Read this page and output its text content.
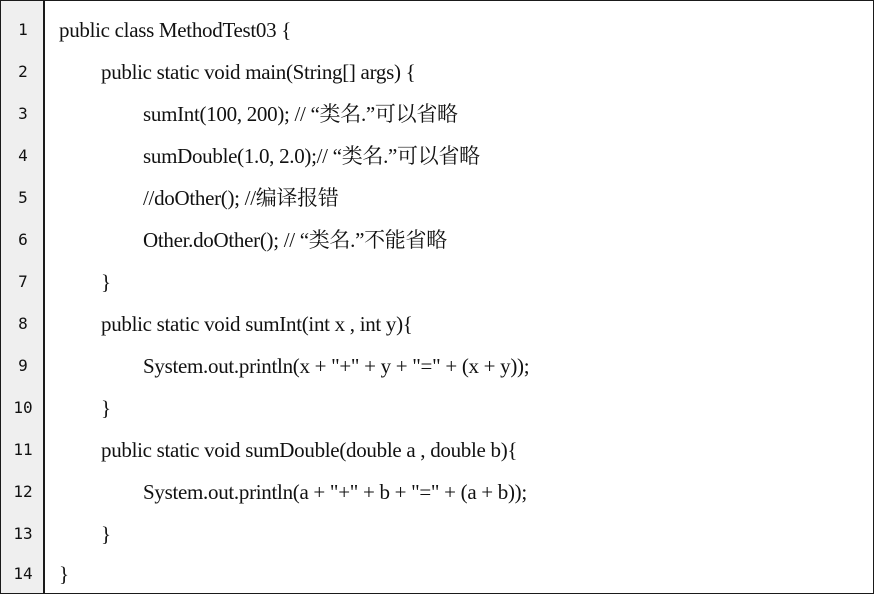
1	public class MethodTest03 {
2	public static void main(String[] args) {
3	sumInt(100, 200); // “类名.”可以省略
4	sumDouble(1.0, 2.0);// “类名.”可以省略
5	//doOther(); //编译报错
6	Other.doOther(); // “类名.”不能省略
7	}
8	public static void sumInt(int x , int y){
9	System.out.println(x + "+" + y + "=" + (x + y));
10	}
11	public static void sumDouble(double a , double b){
12	System.out.println(a + "+" + b + "=" + (a + b));
13	}
14	}
